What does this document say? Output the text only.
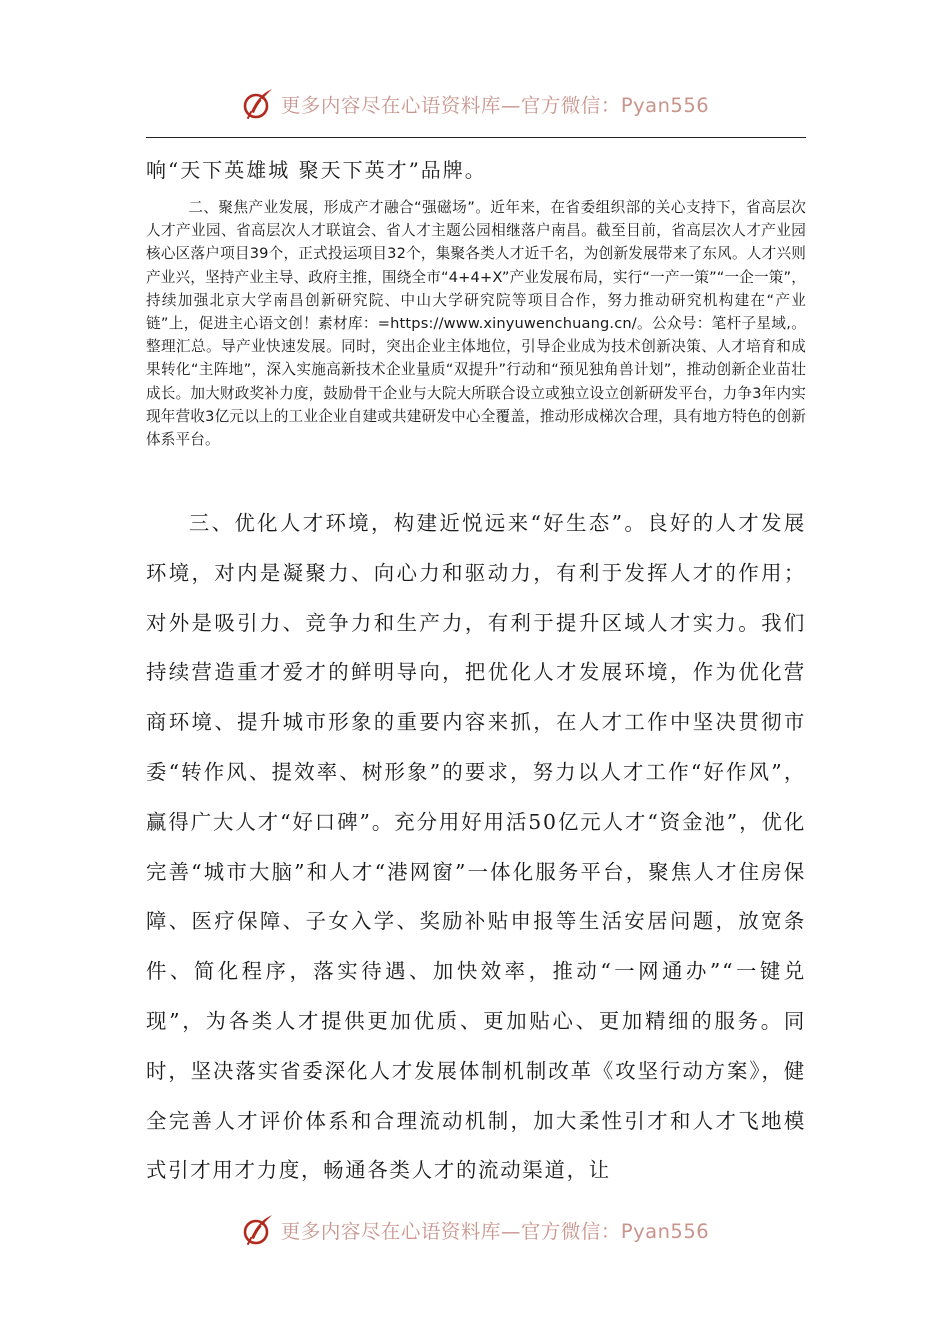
更多内容尽在心语资料库—官方微信：Pyan556

响“天下英雄城 聚天下英才”品牌。

二、聚焦产业发展，形成产才融合“强磁场”。近年来，在省委组织部的关心支持下，省高层次人才产业园、省高层次人才联谊会、省人才主题公园相继落户南昌。截至目前，省高层次人才产业园核心区落户项目39个，正式投运项目32个，集聚各类人才近千名，为创新发展带来了东风。人才兴则产业兴，坚持产业主导、政府主推，围绕全市“4+4+X”产业发展布局，实行“一产一策”“一企一策”，持续加强北京大学南昌创新研究院、中山大学研究院等项目合作，努力推动研究机构建在“产业链”上，促进主心语文创！素材库：=https://www.xinyuwenchuang.cn/。公众号：笔杆子星域,。整理汇总。导产业快速发展。同时，突出企业主体地位，引导企业成为技术创新决策、人才培育和成果转化“主阵地”，深入实施高新技术企业量质“双提升”行动和“预见独角兽计划”，推动创新企业苗壮成长。加大财政奖补力度，鼓励骨干企业与大院大所联合设立或独立设立创新研发平台，力争3年内实现年营收3亿元以上的工业企业自建或共建研发中心全覆盖，推动形成梯次合理，具有地方特色的创新体系平台。

三、优化人才环境，构建近悦远来“好生态”。良好的人才发展环境，对内是凝聚力、向心力和驱动力，有利于发挥人才的作用；对外是吸引力、竞争力和生产力，有利于提升区域人才实力。我们持续营造重才爱才的鲜明导向，把优化人才发展环境，作为优化营商环境、提升城市形象的重要内容来抓，在人才工作中坚决贯彻市委“转作风、提效率、树形象”的要求，努力以人才工作“好作风”，赢得广大人才“好口碑”。充分用好用活50亿元人才“资金池”，优化完善“城市大脑”和人才“港网窗”一体化服务平台，聚焦人才住房保障、医疗保障、子女入学、奖励补贴申报等生活安居问题，放宽条件、简化程序，落实待遇、加快效率，推动“一网通办”“一键兑现”，为各类人才提供更加优质、更加贴心、更加精细的服务。同时，坚决落实省委深化人才发展体制机制改革《攻坚行动方案》，健全完善人才评价体系和合理流动机制，加大柔性引才和人才飞地模式引才用才力度，畅通各类人才的流动渠道，让

更多内容尽在心语资料库—官方微信：Pyan556
